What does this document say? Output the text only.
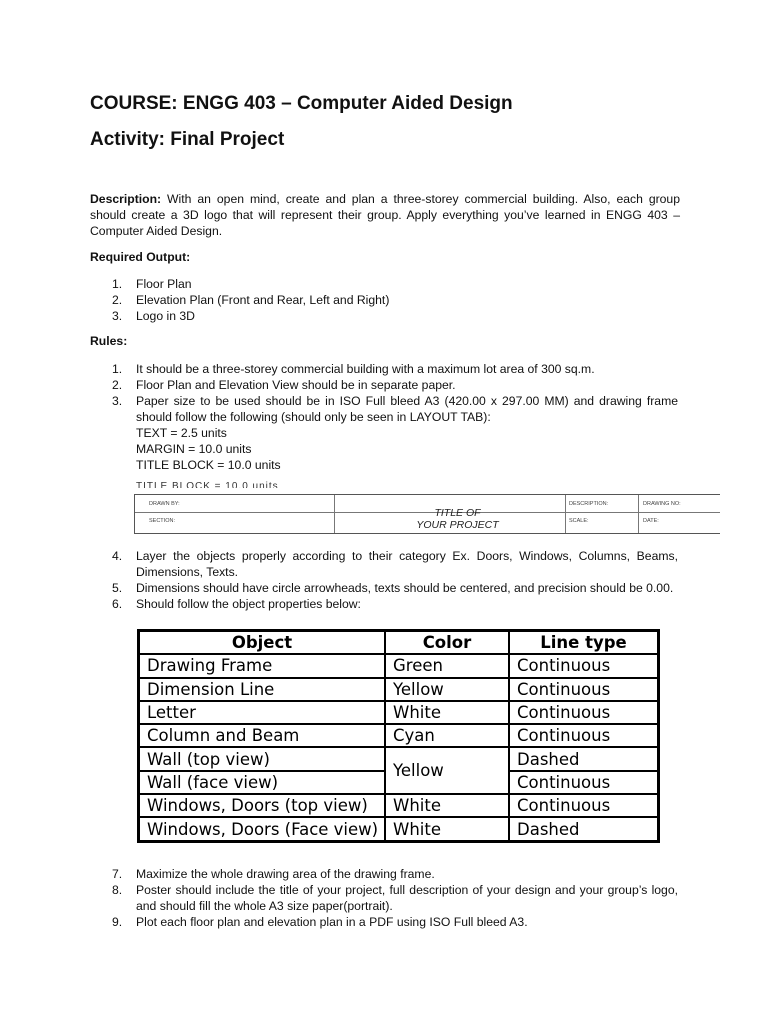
COURSE: ENGG 403 – Computer Aided Design
Activity: Final Project
Description: With an open mind, create and plan a three-storey commercial building. Also, each group should create a 3D logo that will represent their group. Apply everything you’ve learned in ENGG 403 – Computer Aided Design.
Required Output:
1.	Floor Plan
2.	Elevation Plan (Front and Rear, Left and Right)
3.	Logo in 3D
Rules:
1.	It should be a three-storey commercial building with a maximum lot area of 300 sq.m.
2.	Floor Plan and Elevation View should be in separate paper.
3.	Paper size to be used should be in ISO Full bleed A3 (420.00 x 297.00 MM) and drawing frame should follow the following (should only be seen in LAYOUT TAB):
TEXT = 2.5 units
MARGIN = 10.0 units
TITLE BLOCK = 10.0 units
TITLE BLOCK = 10.0 units
DRAWN BY:
SECTION:
TITLE OF
YOUR PROJECT
DESCRIPTION:
SCALE:
DRAWING NO:
DATE:
4.	Layer the objects properly according to their category Ex. Doors, Windows, Columns, Beams, Dimensions, Texts.
5.	Dimensions should have circle arrowheads, texts should be centered, and precision should be 0.00.
6.	Should follow the object properties below:
Object	Color	Line type
Drawing Frame	Green	Continuous
Dimension Line	Yellow	Continuous
Letter	White	Continuous
Column and Beam	Cyan	Continuous
Wall (top view)	Yellow	Dashed
Wall (face view)		Continuous
Windows, Doors (top view)	White	Continuous
Windows, Doors (Face view)	White	Dashed
7.	Maximize the whole drawing area of the drawing frame.
8.	Poster should include the title of your project, full description of your design and your group’s logo, and should fill the whole A3 size paper(portrait).
9.	Plot each floor plan and elevation plan in a PDF using ISO Full bleed A3.
